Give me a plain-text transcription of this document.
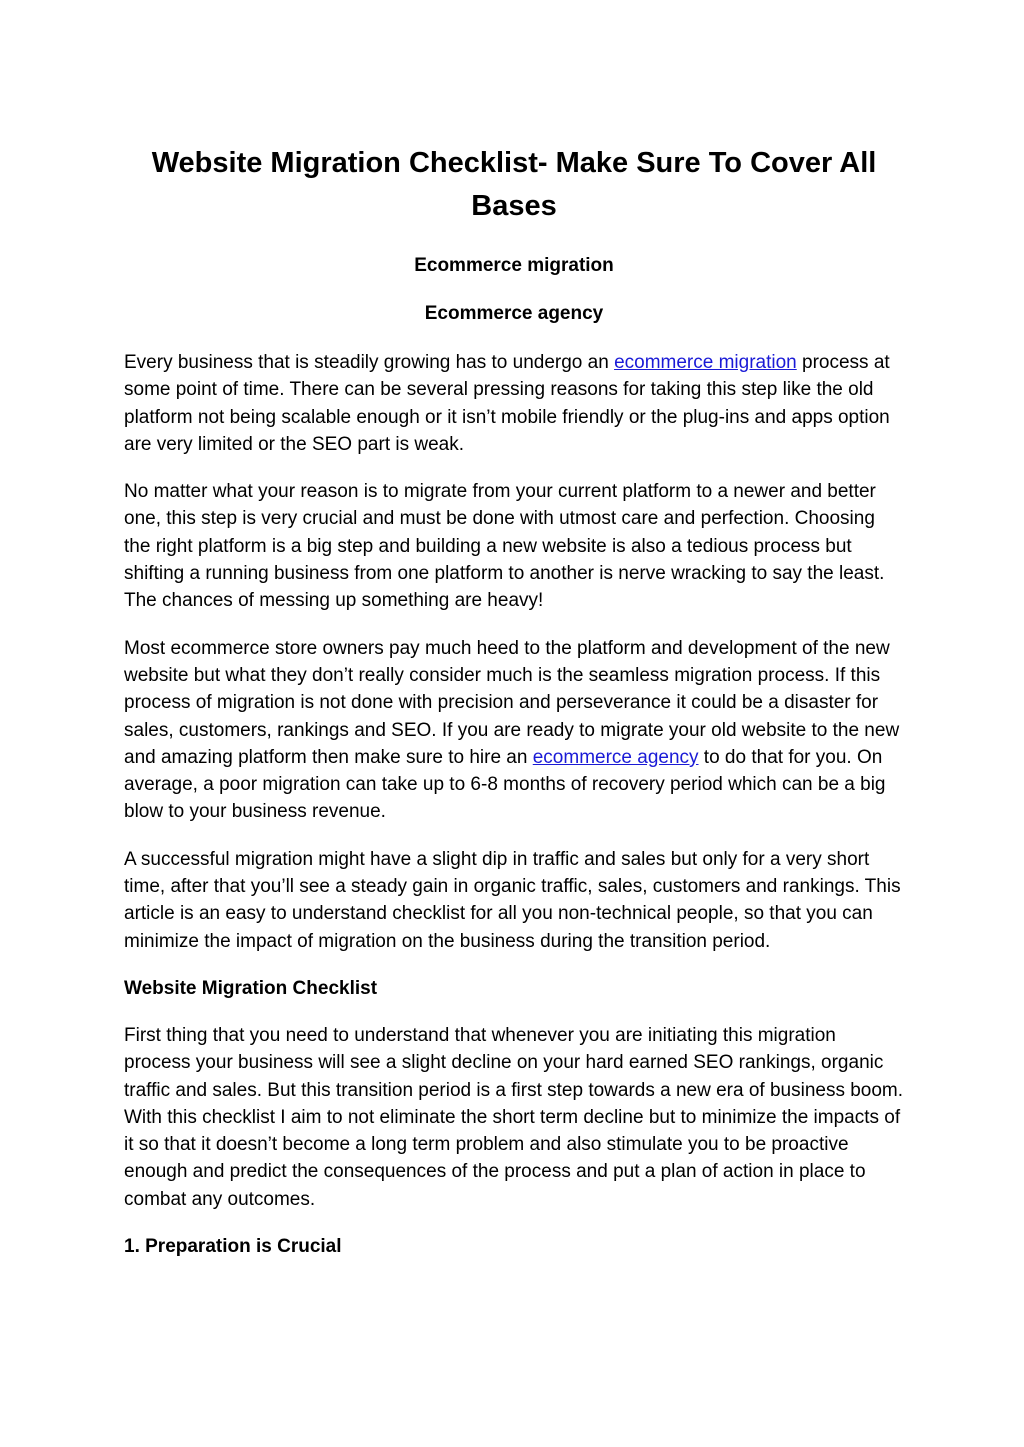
Website Migration Checklist- Make Sure To Cover All Bases

Ecommerce migration

Ecommerce agency

Every business that is steadily growing has to undergo an ecommerce migration process at some point of time. There can be several pressing reasons for taking this step like the old platform not being scalable enough or it isn’t mobile friendly or the plug-ins and apps option are very limited or the SEO part is weak.

No matter what your reason is to migrate from your current platform to a newer and better one, this step is very crucial and must be done with utmost care and perfection. Choosing the right platform is a big step and building a new website is also a tedious process but shifting a running business from one platform to another is nerve wracking to say the least. The chances of messing up something are heavy!

Most ecommerce store owners pay much heed to the platform and development of the new website but what they don’t really consider much is the seamless migration process. If this process of migration is not done with precision and perseverance it could be a disaster for sales, customers, rankings and SEO. If you are ready to migrate your old website to the new and amazing platform then make sure to hire an ecommerce agency to do that for you. On average, a poor migration can take up to 6-8 months of recovery period which can be a big blow to your business revenue.

A successful migration might have a slight dip in traffic and sales but only for a very short time, after that you’ll see a steady gain in organic traffic, sales, customers and rankings. This article is an easy to understand checklist for all you non-technical people, so that you can minimize the impact of migration on the business during the transition period.

Website Migration Checklist

First thing that you need to understand that whenever you are initiating this migration process your business will see a slight decline on your hard earned SEO rankings, organic traffic and sales. But this transition period is a first step towards a new era of business boom. With this checklist I aim to not eliminate the short term decline but to minimize the impacts of it so that it doesn’t become a long term problem and also stimulate you to be proactive enough and predict the consequences of the process and put a plan of action in place to combat any outcomes.

1. Preparation is Crucial
